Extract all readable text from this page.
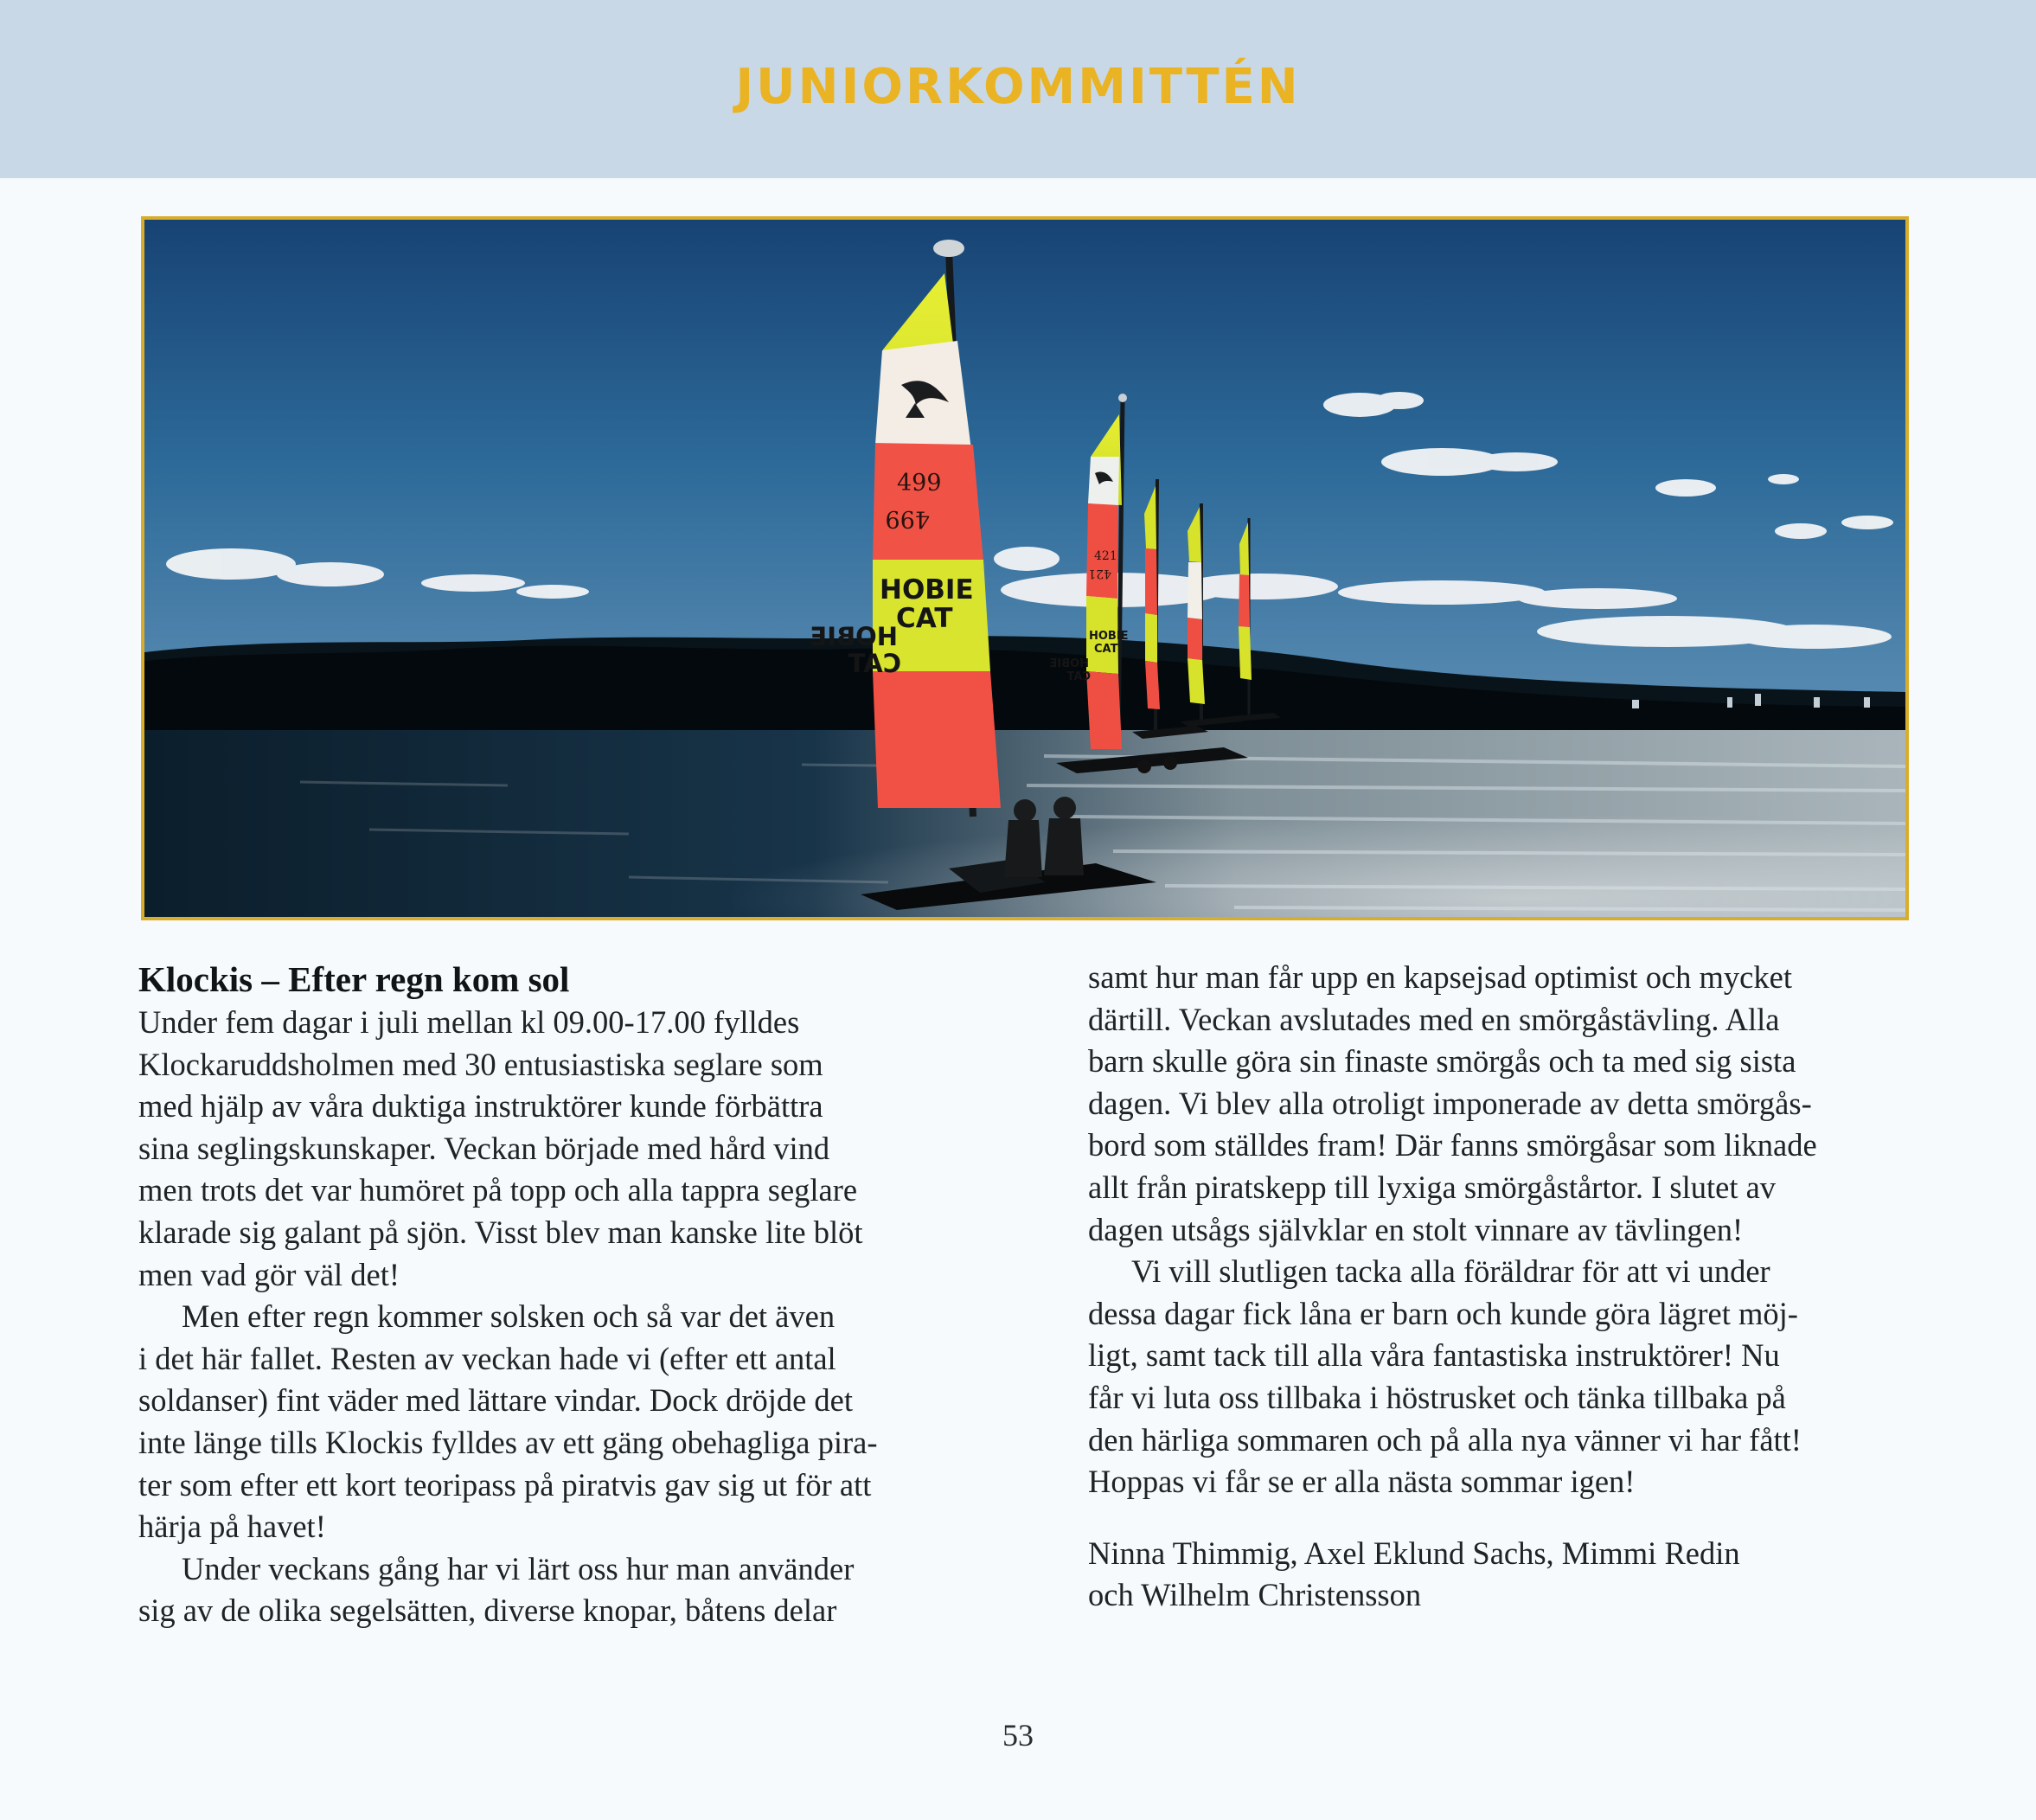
JUNIORKOMMITTÉN
499
499
HOBIE
CAT
HOBIE
CAT
421
421
HOBIE
CAT
HOBIE
CAT
Klockis – Efter regn kom sol
Under fem dagar i juli mellan kl 09.00-17.00 fylldes
Klockaruddsholmen med 30 entusiastiska seglare som
med hjälp av våra duktiga instruktörer kunde förbättra
sina seglingskunskaper. Veckan började med hård vind
men trots det var humöret på topp och alla tappra seglare
klarade sig galant på sjön. Visst blev man kanske lite blöt
men vad gör väl det!
Men efter regn kommer solsken och så var det även
i det här fallet. Resten av veckan hade vi (efter ett antal
soldanser) fint väder med lättare vindar. Dock dröjde det
inte länge tills Klockis fylldes av ett gäng obehagliga pira-
ter som efter ett kort teoripass på piratvis gav sig ut för att
härja på havet!
Under veckans gång har vi lärt oss hur man använder
sig av de olika segelsätten, diverse knopar, båtens delar
samt hur man får upp en kapsejsad optimist och mycket
därtill. Veckan avslutades med en smörgåstävling. Alla
barn skulle göra sin finaste smörgås och ta med sig sista
dagen. Vi blev alla otroligt imponerade av detta smörgås-
bord som ställdes fram! Där fanns smörgåsar som liknade
allt från piratskepp till lyxiga smörgåstårtor. I slutet av
dagen utsågs självklar en stolt vinnare av tävlingen!
Vi vill slutligen tacka alla föräldrar för att vi under
dessa dagar fick låna er barn och kunde göra lägret möj-
ligt, samt tack till alla våra fantastiska instruktörer! Nu
får vi luta oss tillbaka i höstrusket och tänka tillbaka på
den härliga sommaren och på alla nya vänner vi har fått!
Hoppas vi får se er alla nästa sommar igen!
Ninna Thimmig, Axel Eklund Sachs, Mimmi Redin
och Wilhelm Christensson
53
